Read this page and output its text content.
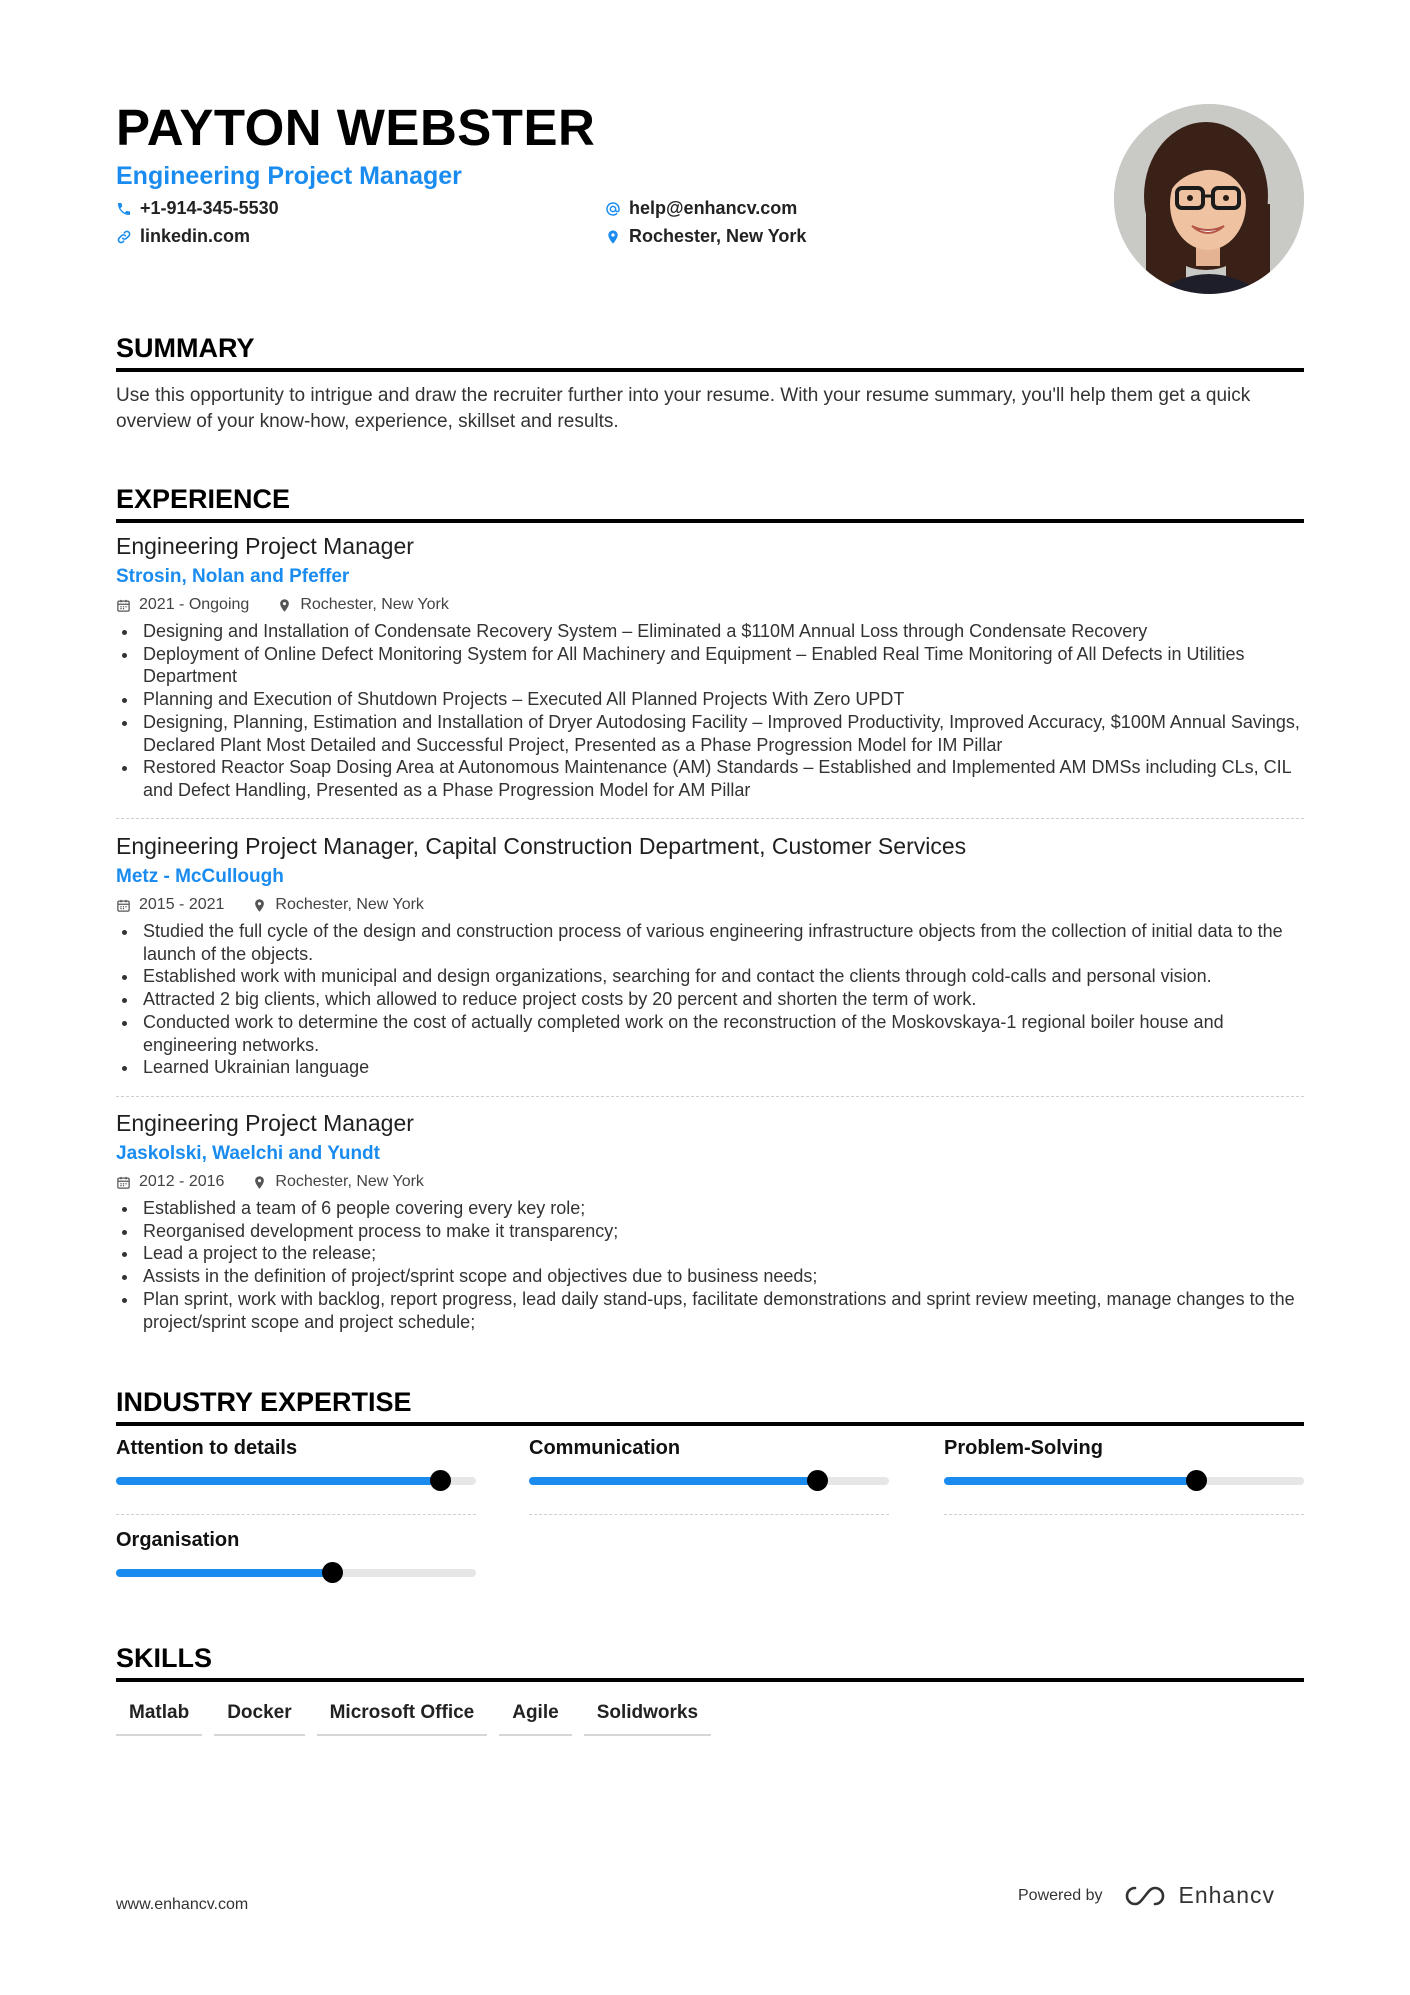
PAYTON WEBSTER
Engineering Project Manager
+1-914-345-5530
linkedin.com
help@enhancv.com
Rochester, New York
SUMMARY
Use this opportunity to intrigue and draw the recruiter further into your resume. With your resume summary, you'll help them get a quick overview of your know-how, experience, skillset and results.
EXPERIENCE
Engineering Project Manager
Strosin, Nolan and Pfeffer
2021 - Ongoing	Rochester, New York
Designing and Installation of Condensate Recovery System – Eliminated a $110M Annual Loss through Condensate Recovery
Deployment of Online Defect Monitoring System for All Machinery and Equipment – Enabled Real Time Monitoring of All Defects in Utilities Department
Planning and Execution of Shutdown Projects – Executed All Planned Projects With Zero UPDT
Designing, Planning, Estimation and Installation of Dryer Autodosing Facility – Improved Productivity, Improved Accuracy, $100M Annual Savings, Declared Plant Most Detailed and Successful Project, Presented as a Phase Progression Model for IM Pillar
Restored Reactor Soap Dosing Area at Autonomous Maintenance (AM) Standards – Established and Implemented AM DMSs including CLs, CIL and Defect Handling, Presented as a Phase Progression Model for AM Pillar
Engineering Project Manager, Capital Construction Department, Customer Services
Metz - McCullough
2015 - 2021	Rochester, New York
Studied the full cycle of the design and construction process of various engineering infrastructure objects from the collection of initial data to the launch of the objects.
Established work with municipal and design organizations, searching for and contact the clients through cold-calls and personal vision.
Attracted 2 big clients, which allowed to reduce project costs by 20 percent and shorten the term of work.
Conducted work to determine the cost of actually completed work on the reconstruction of the Moskovskaya-1 regional boiler house and engineering networks.
Learned Ukrainian language
Engineering Project Manager
Jaskolski, Waelchi and Yundt
2012 - 2016	Rochester, New York
Established a team of 6 people covering every key role;
Reorganised development process to make it transparency;
Lead a project to the release;
Assists in the definition of project/sprint scope and objectives due to business needs;
Plan sprint, work with backlog, report progress, lead daily stand-ups, facilitate demonstrations and sprint review meeting, manage changes to the project/sprint scope and project schedule;
INDUSTRY EXPERTISE
Attention to details	Communication	Problem-Solving
Organisation
SKILLS
Matlab	Docker	Microsoft Office	Agile	Solidworks
www.enhancv.com
Powered by	Enhancv
